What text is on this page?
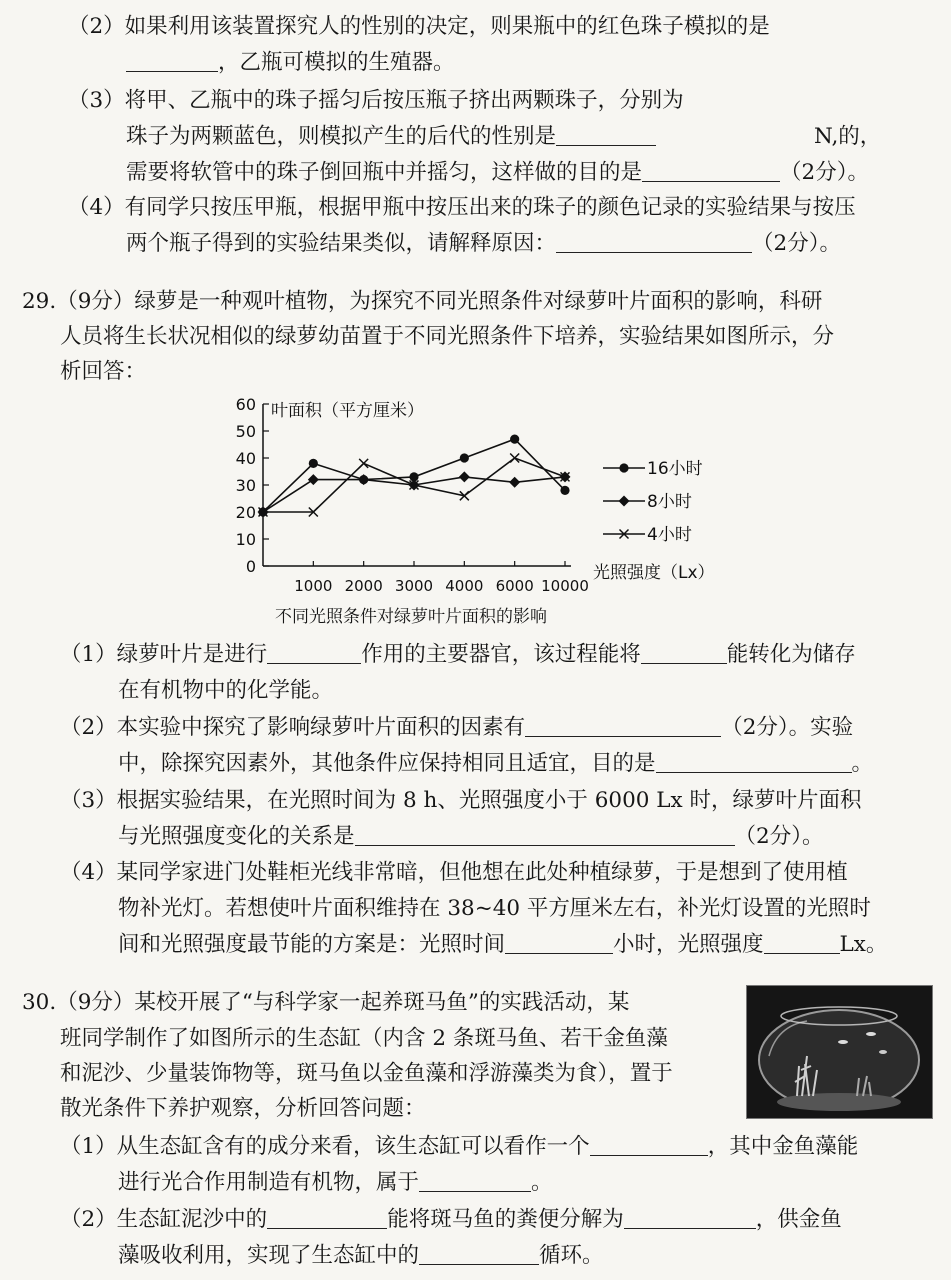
（2）如果利用该装置探究人的性别的决定，则果瓶中的红色珠子模拟的是
，乙瓶可模拟的生殖器。
（3）将甲、乙瓶中的珠子摇匀后按压瓶子挤出两颗珠子，分别为
珠子为两颗蓝色，则模拟产生的后代的性别是	N,的，
需要将软管中的珠子倒回瓶中并摇匀，这样做的目的是	（2分）。
（4）有同学只按压甲瓶，根据甲瓶中按压出来的珠子的颜色记录的实验结果与按压
两个瓶子得到的实验结果类似，请解释原因：	（2分）。
29.（9分）绿萝是一种观叶植物，为探究不同光照条件对绿萝叶片面积的影响，科研
人员将生长状况相似的绿萝幼苗置于不同光照条件下培养，实验结果如图所示，分
析回答：
0
10
20
30
40
50
60
1000 2000 3000 4000 6000 10000
叶面积（平方厘米）
光照强度（Lx）
16小时
8小时
4小时
不同光照条件对绿萝叶片面积的影响
（1）绿萝叶片是进行	作用的主要器官，该过程能将	能转化为储存
在有机物中的化学能。
（2）本实验中探究了影响绿萝叶片面积的因素有	（2分）。实验
中，除探究因素外，其他条件应保持相同且适宜，目的是	。
（3）根据实验结果，在光照时间为 8 h、光照强度小于 6000 Lx 时，绿萝叶片面积
与光照强度变化的关系是	（2分）。
（4）某同学家进门处鞋柜光线非常暗，但他想在此处种植绿萝，于是想到了使用植
物补光灯。若想使叶片面积维持在 38~40 平方厘米左右，补光灯设置的光照时
间和光照强度最节能的方案是：光照时间	小时，光照强度	Lx。
30.（9分）某校开展了“与科学家一起养斑马鱼”的实践活动，某
班同学制作了如图所示的生态缸（内含 2 条斑马鱼、若干金鱼藻
和泥沙、少量装饰物等，斑马鱼以金鱼藻和浮游藻类为食），置于
散光条件下养护观察，分析回答问题：
（1）从生态缸含有的成分来看，该生态缸可以看作一个	，其中金鱼藻能
进行光合作用制造有机物，属于	。
（2）生态缸泥沙中的	能将斑马鱼的粪便分解为	，供金鱼
藻吸收利用，实现了生态缸中的	循环。
